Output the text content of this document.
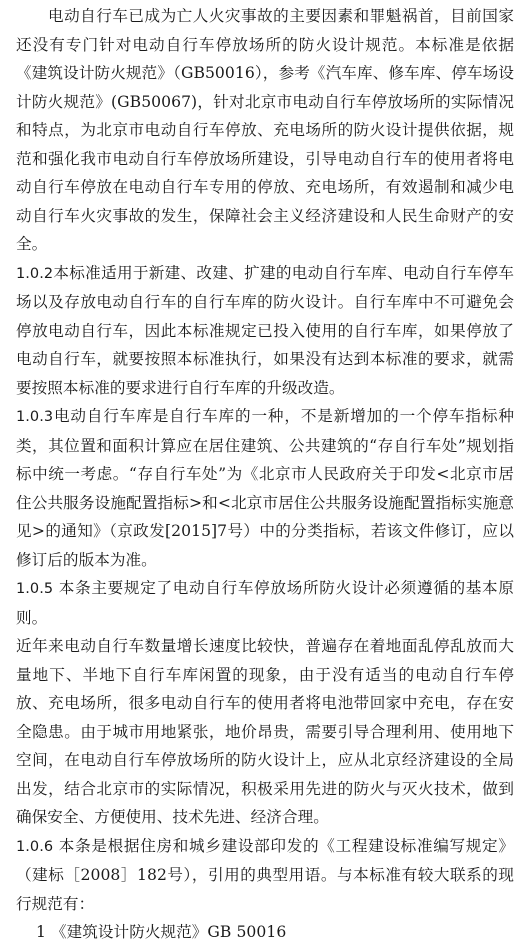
电动自行车已成为亡人火灾事故的主要因素和罪魁祸首，目前国家还没有专门针对电动自行车停放场所的防火设计规范。本标准是依据《建筑设计防火规范》（GB50016），参考《汽车库、修车库、停车场设计防火规范》(GB50067)，针对北京市电动自行车停放场所的实际情况和特点，为北京市电动自行车停放、充电场所的防火设计提供依据，规范和强化我市电动自行车停放场所建设，引导电动自行车的使用者将电动自行车停放在电动自行车专用的停放、充电场所，有效遏制和减少电动自行车火灾事故的发生，保障社会主义经济建设和人民生命财产的安全。

1.0.2本标准适用于新建、改建、扩建的电动自行车库、电动自行车停车场以及存放电动自行车的自行车库的防火设计。自行车库中不可避免会停放电动自行车，因此本标准规定已投入使用的自行车库，如果停放了电动自行车，就要按照本标准执行，如果没有达到本标准的要求，就需要按照本标准的要求进行自行车库的升级改造。

1.0.3电动自行车库是自行车库的一种，不是新增加的一个停车指标种类，其位置和面积计算应在居住建筑、公共建筑的“存自行车处”规划指标中统一考虑。“存自行车处”为《北京市人民政府关于印发<北京市居住公共服务设施配置指标>和<北京市居住公共服务设施配置指标实施意见>的通知》（京政发[2015]7号）中的分类指标，若该文件修订，应以修订后的版本为准。

1.0.5 本条主要规定了电动自行车停放场所防火设计必须遵循的基本原则。

近年来电动自行车数量增长速度比较快，普遍存在着地面乱停乱放而大量地下、半地下自行车库闲置的现象，由于没有适当的电动自行车停放、充电场所，很多电动自行车的使用者将电池带回家中充电，存在安全隐患。由于城市用地紧张，地价昂贵，需要引导合理利用、使用地下空间，在电动自行车停放场所的防火设计上，应从北京经济建设的全局出发，结合北京市的实际情况，积极采用先进的防火与灭火技术，做到确保安全、方便使用、技术先进、经济合理。

1.0.6 本条是根据住房和城乡建设部印发的《工程建设标准编写规定》（建标［2008］182号），引用的典型用语。与本标准有较大联系的现行规范有：

1 《建筑设计防火规范》GB 50016
